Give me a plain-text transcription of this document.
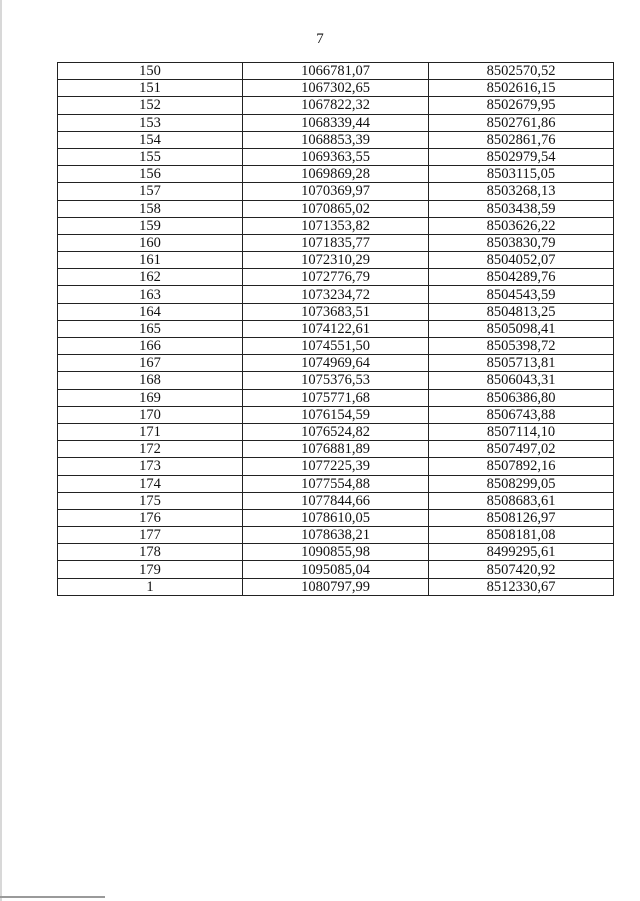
7
150	1066781,07	8502570,52
151	1067302,65	8502616,15
152	1067822,32	8502679,95
153	1068339,44	8502761,86
154	1068853,39	8502861,76
155	1069363,55	8502979,54
156	1069869,28	8503115,05
157	1070369,97	8503268,13
158	1070865,02	8503438,59
159	1071353,82	8503626,22
160	1071835,77	8503830,79
161	1072310,29	8504052,07
162	1072776,79	8504289,76
163	1073234,72	8504543,59
164	1073683,51	8504813,25
165	1074122,61	8505098,41
166	1074551,50	8505398,72
167	1074969,64	8505713,81
168	1075376,53	8506043,31
169	1075771,68	8506386,80
170	1076154,59	8506743,88
171	1076524,82	8507114,10
172	1076881,89	8507497,02
173	1077225,39	8507892,16
174	1077554,88	8508299,05
175	1077844,66	8508683,61
176	1078610,05	8508126,97
177	1078638,21	8508181,08
178	1090855,98	8499295,61
179	1095085,04	8507420,92
1	1080797,99	8512330,67
